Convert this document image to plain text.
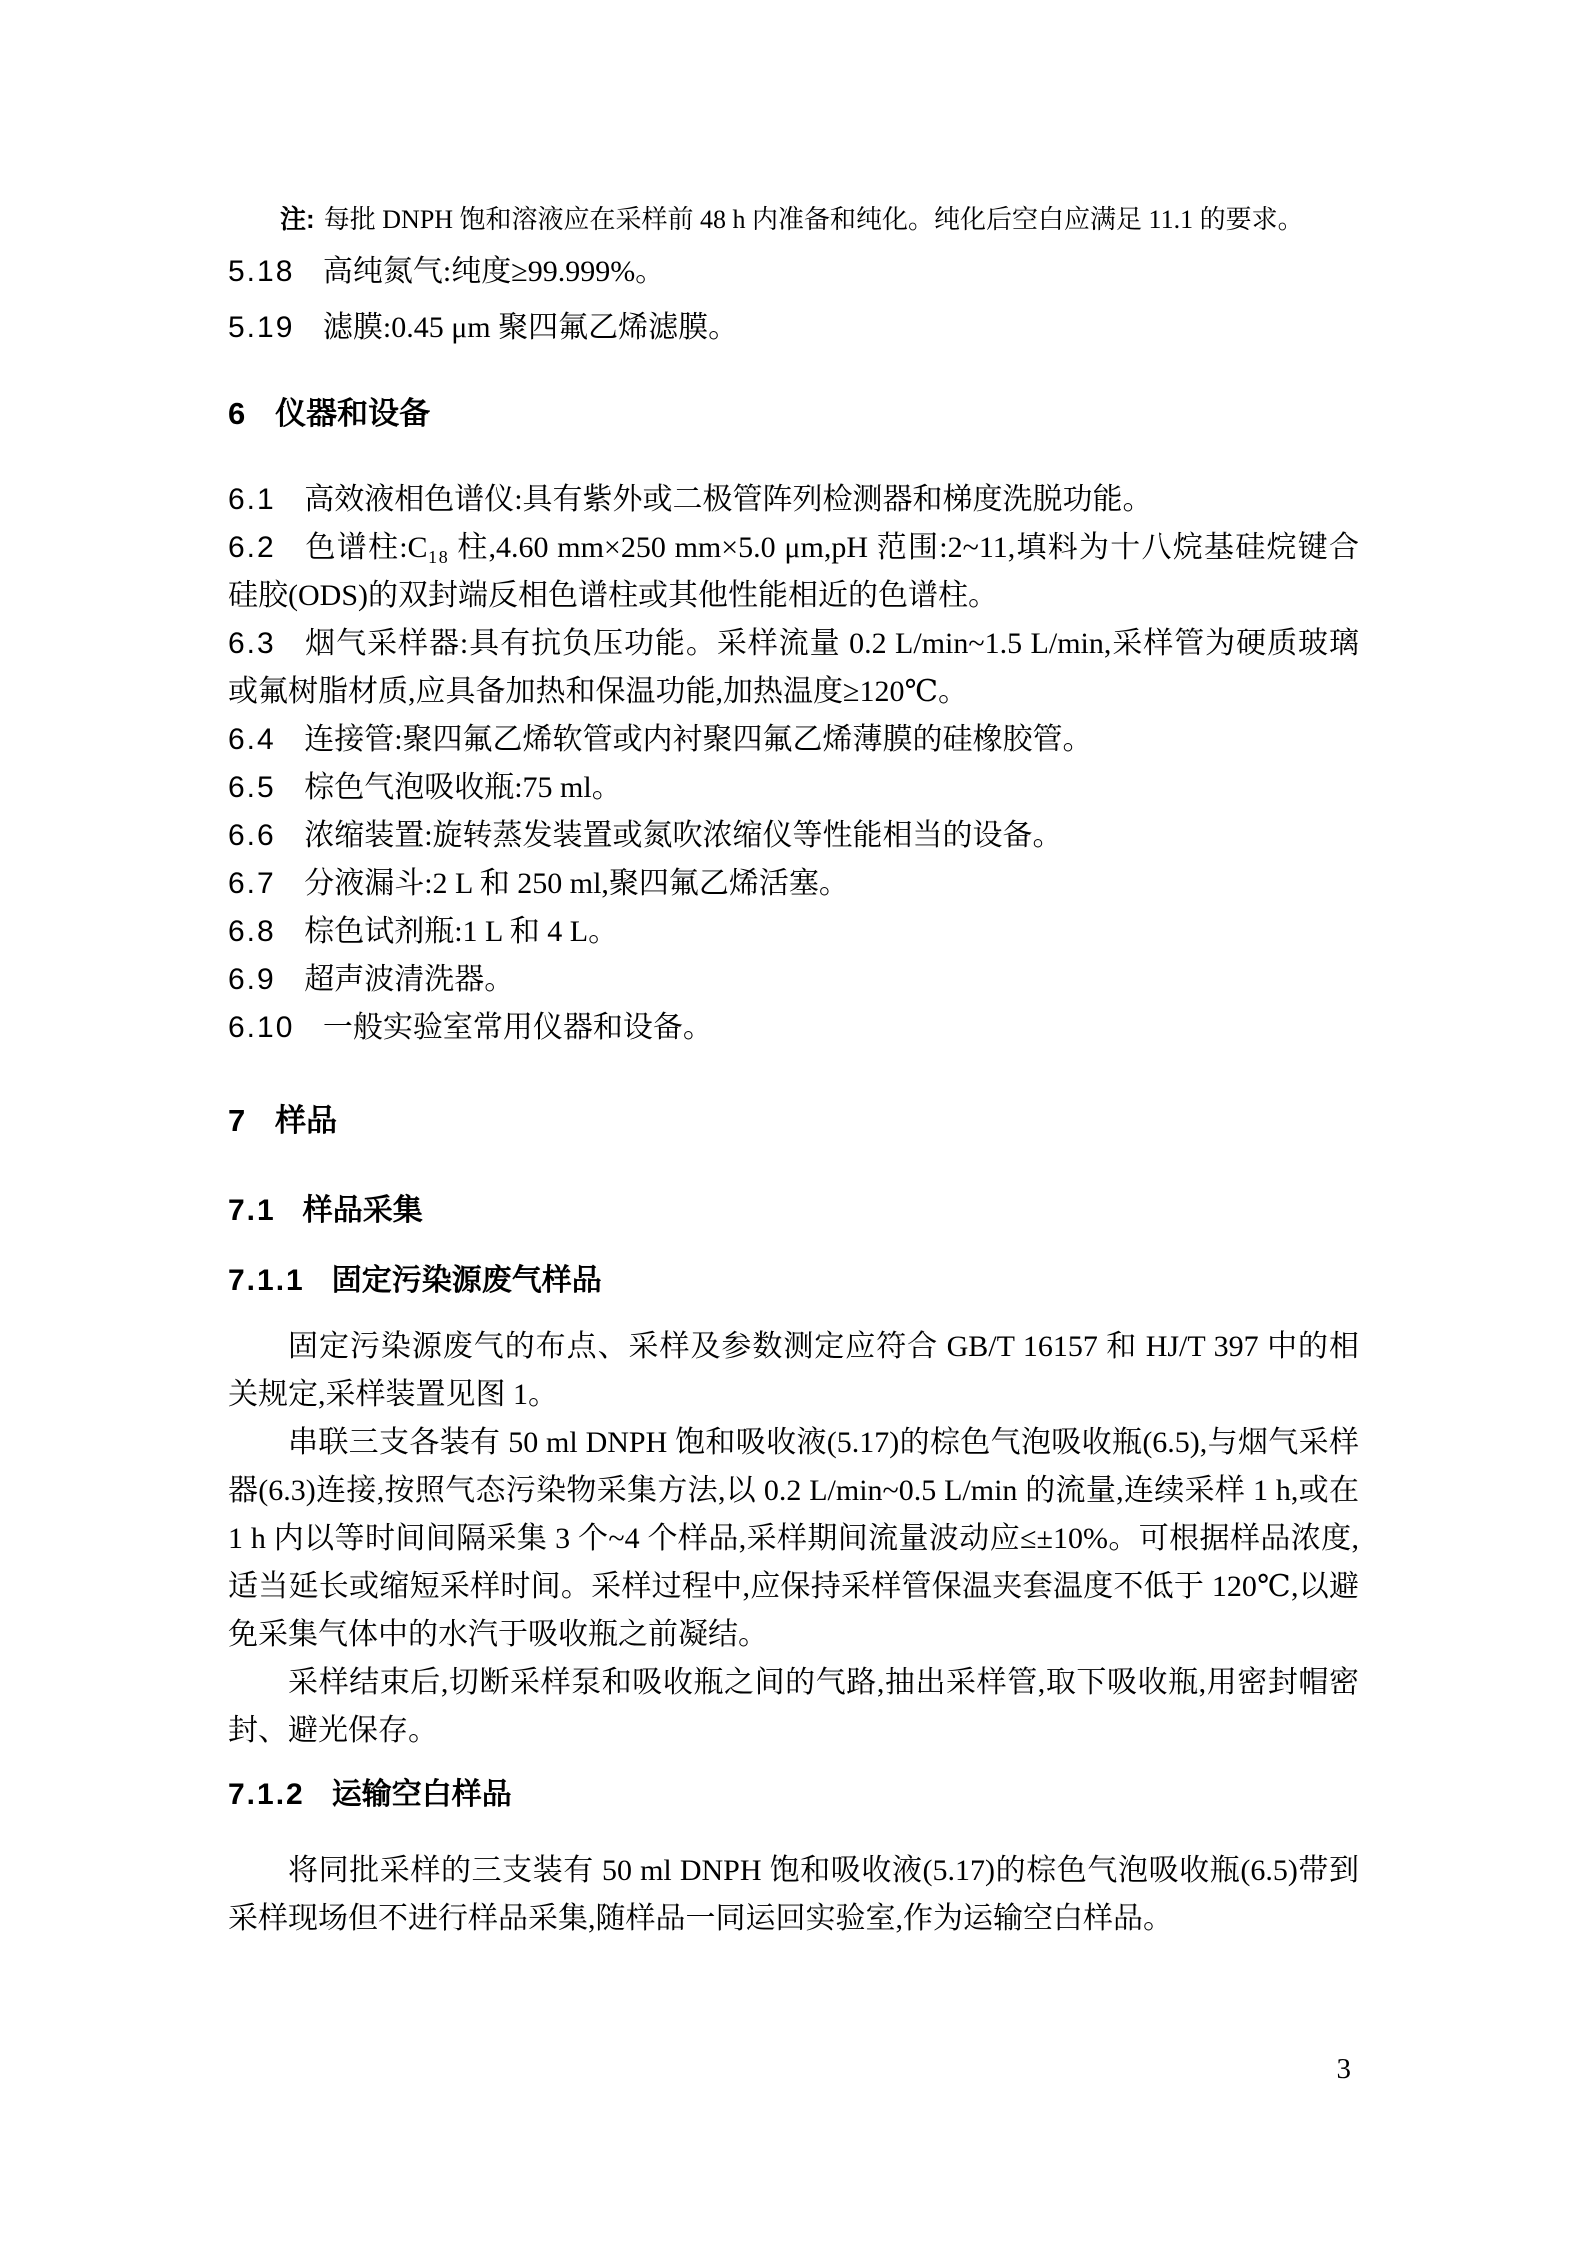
注: 每批 DNPH 饱和溶液应在采样前 48 h 内准备和纯化。纯化后空白应满足 11.1 的要求。

5.18 高纯氮气:纯度≥99.999%。

5.19 滤膜:0.45 μm 聚四氟乙烯滤膜。

6 仪器和设备

6.1 高效液相色谱仪:具有紫外或二极管阵列检测器和梯度洗脱功能。

6.2 色谱柱:C₁₈ 柱,4.60 mm×250 mm×5.0 μm,pH 范围:2~11,填料为十八烷基硅烷键合硅胶(ODS)的双封端反相色谱柱或其他性能相近的色谱柱。

6.3 烟气采样器:具有抗负压功能。采样流量 0.2 L/min~1.5 L/min,采样管为硬质玻璃或氟树脂材质,应具备加热和保温功能,加热温度≥120℃。

6.4 连接管:聚四氟乙烯软管或内衬聚四氟乙烯薄膜的硅橡胶管。

6.5 棕色气泡吸收瓶:75 ml。

6.6 浓缩装置:旋转蒸发装置或氮吹浓缩仪等性能相当的设备。

6.7 分液漏斗:2 L 和 250 ml,聚四氟乙烯活塞。

6.8 棕色试剂瓶:1 L 和 4 L。

6.9 超声波清洗器。

6.10 一般实验室常用仪器和设备。

7 样品
7.1 样品采集
7.1.1 固定污染源废气样品

固定污染源废气的布点、采样及参数测定应符合 GB/T 16157 和 HJ/T 397 中的相关规定,采样装置见图 1。

串联三支各装有 50 ml DNPH 饱和吸收液(5.17)的棕色气泡吸收瓶(6.5),与烟气采样器(6.3)连接,按照气态污染物采集方法,以 0.2 L/min~0.5 L/min 的流量,连续采样 1 h,或在 1 h 内以等时间间隔采集 3 个~4 个样品,采样期间流量波动应≤±10%。可根据样品浓度,适当延长或缩短采样时间。采样过程中,应保持采样管保温夹套温度不低于 120℃,以避免采集气体中的水汽于吸收瓶之前凝结。

采样结束后,切断采样泵和吸收瓶之间的气路,抽出采样管,取下吸收瓶,用密封帽密封、避光保存。

7.1.2 运输空白样品

将同批采样的三支装有 50 ml DNPH 饱和吸收液(5.17)的棕色气泡吸收瓶(6.5)带到采样现场但不进行样品采集,随样品一同运回实验室,作为运输空白样品。

3
